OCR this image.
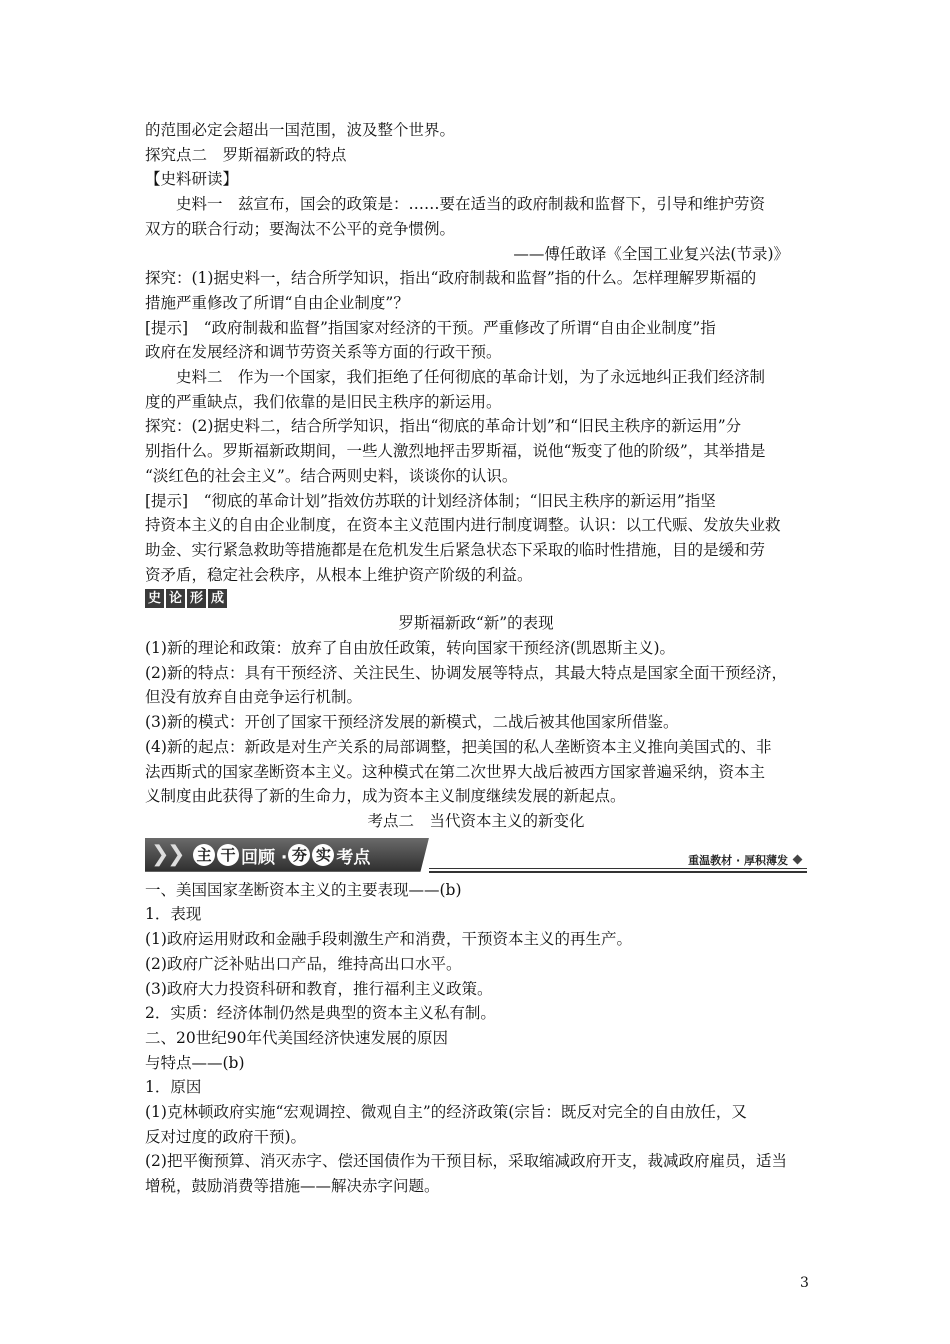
的范围必定会超出一国范围，波及整个世界。
探究点二　罗斯福新政的特点
【史料研读】
史料一　兹宣布，国会的政策是：……要在适当的政府制裁和监督下，引导和维护劳资
双方的联合行动；要淘汰不公平的竞争惯例。
——傅任敢译《全国工业复兴法(节录)》
探究：(1)据史料一，结合所学知识，指出“政府制裁和监督”指的什么。怎样理解罗斯福的
措施严重修改了所谓“自由企业制度”？
[提示]　“政府制裁和监督”指国家对经济的干预。严重修改了所谓“自由企业制度”指
政府在发展经济和调节劳资关系等方面的行政干预。
史料二　作为一个国家，我们拒绝了任何彻底的革命计划，为了永远地纠正我们经济制
度的严重缺点，我们依靠的是旧民主秩序的新运用。
探究：(2)据史料二，结合所学知识，指出“彻底的革命计划”和“旧民主秩序的新运用”分
别指什么。罗斯福新政期间，一些人激烈地抨击罗斯福，说他“叛变了他的阶级”，其举措是
“淡红色的社会主义”。结合两则史料，谈谈你的认识。
[提示]　“彻底的革命计划”指效仿苏联的计划经济体制；“旧民主秩序的新运用”指坚
持资本主义的自由企业制度，在资本主义范围内进行制度调整。认识：以工代赈、发放失业救
助金、实行紧急救助等措施都是在危机发生后紧急状态下采取的临时性措施，目的是缓和劳
资矛盾，稳定社会秩序，从根本上维护资产阶级的利益。
史 论 形 成
罗斯福新政“新”的表现
(1)新的理论和政策：放弃了自由放任政策，转向国家干预经济(凯恩斯主义)。
(2)新的特点：具有干预经济、关注民生、协调发展等特点，其最大特点是国家全面干预经济，
但没有放弃自由竞争运行机制。
(3)新的模式：开创了国家干预经济发展的新模式，二战后被其他国家所借鉴。
(4)新的起点：新政是对生产关系的局部调整，把美国的私人垄断资本主义推向美国式的、非
法西斯式的国家垄断资本主义。这种模式在第二次世界大战后被西方国家普遍采纳，资本主
义制度由此获得了新的生命力，成为资本主义制度继续发展的新起点。
考点二　当代资本主义的新变化
❯
❯ 主 干 回顾 · 夯 实 考点	重温教材 · 厚积薄发
一、美国国家垄断资本主义的主要表现——(b)
1．表现
(1)政府运用财政和金融手段刺激生产和消费，干预资本主义的再生产。
(2)政府广泛补贴出口产品，维持高出口水平。
(3)政府大力投资科研和教育，推行福利主义政策。
2．实质：经济体制仍然是典型的资本主义私有制。
二、20世纪90年代美国经济快速发展的原因
与特点——(b)
1．原因
(1)克林顿政府实施“宏观调控、微观自主”的经济政策(宗旨：既反对完全的自由放任，又
反对过度的政府干预)。
(2)把平衡预算、消灭赤字、偿还国债作为干预目标，采取缩减政府开支，裁减政府雇员，适当
增税，鼓励消费等措施——解决赤字问题。
3
